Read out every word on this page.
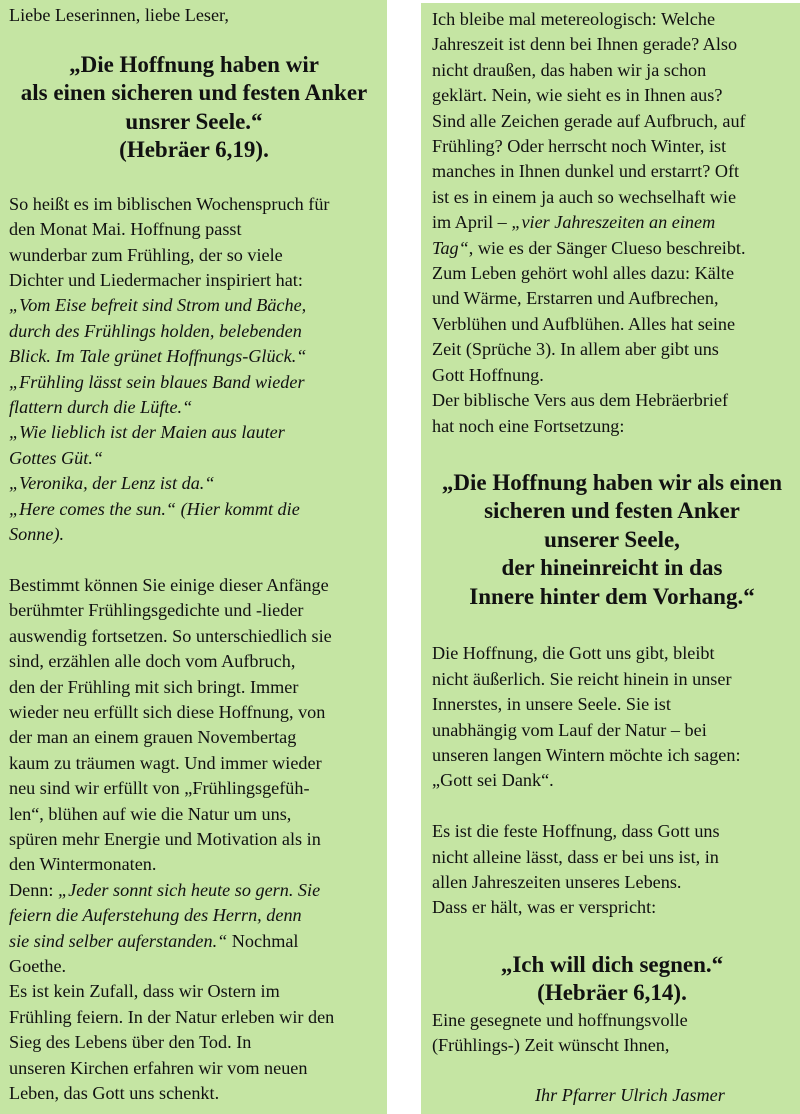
Liebe Leserinnen, liebe Leser,

„Die Hoffnung haben wir

als einen sicheren und festen Anker

unsrer Seele.“

(Hebräer 6,19).

So heißt es im biblischen Wochenspruch für

den Monat Mai. Hoffnung passt

wunderbar zum Frühling, der so viele

Dichter und Liedermacher inspiriert hat:

„Vom Eise befreit sind Strom und Bäche,

durch des Frühlings holden, belebenden

Blick. Im Tale grünet Hoffnungs-Glück.“

„Frühling lässt sein blaues Band wieder

flattern durch die Lüfte.“

„Wie lieblich ist der Maien aus lauter

Gottes Güt.“

„Veronika, der Lenz ist da.“

„Here comes the sun.“ (Hier kommt die

Sonne).

Bestimmt können Sie einige dieser Anfänge

berühmter Frühlingsgedichte und -lieder

auswendig fortsetzen. So unterschiedlich sie

sind, erzählen alle doch vom Aufbruch,

den der Frühling mit sich bringt. Immer

wieder neu erfüllt sich diese Hoffnung, von

der man an einem grauen Novembertag

kaum zu träumen wagt. Und immer wieder

neu sind wir erfüllt von „Frühlingsgefüh-

len“, blühen auf wie die Natur um uns,

spüren mehr Energie und Motivation als in

den Wintermonaten.

Denn: „Jeder sonnt sich heute so gern. Sie

feiern die Auferstehung des Herrn, denn

sie sind selber auferstanden.“ Nochmal

Goethe.

Es ist kein Zufall, dass wir Ostern im

Frühling feiern. In der Natur erleben wir den

Sieg des Lebens über den Tod. In

unseren Kirchen erfahren wir vom neuen

Leben, das Gott uns schenkt.

Ich bleibe mal metereologisch: Welche

Jahreszeit ist denn bei Ihnen gerade? Also

nicht draußen, das haben wir ja schon

geklärt. Nein, wie sieht es in Ihnen aus?

Sind alle Zeichen gerade auf Aufbruch, auf

Frühling? Oder herrscht noch Winter, ist

manches in Ihnen dunkel und erstarrt? Oft

ist es in einem ja auch so wechselhaft wie

im April – „vier Jahreszeiten an einem

Tag“, wie es der Sänger Clueso beschreibt.

Zum Leben gehört wohl alles dazu: Kälte

und Wärme, Erstarren und Aufbrechen,

Verblühen und Aufblühen. Alles hat seine

Zeit (Sprüche 3). In allem aber gibt uns

Gott Hoffnung.

Der biblische Vers aus dem Hebräerbrief

hat noch eine Fortsetzung:

„Die Hoffnung haben wir als einen

sicheren und festen Anker

unserer Seele,

der hineinreicht in das

Innere hinter dem Vorhang.“

Die Hoffnung, die Gott uns gibt, bleibt

nicht äußerlich. Sie reicht hinein in unser

Innerstes, in unsere Seele. Sie ist

unabhängig vom Lauf der Natur – bei

unseren langen Wintern möchte ich sagen:

„Gott sei Dank“.

Es ist die feste Hoffnung, dass Gott uns

nicht alleine lässt, dass er bei uns ist, in

allen Jahreszeiten unseres Lebens.

Dass er hält, was er verspricht:

„Ich will dich segnen.“

(Hebräer 6,14).

Eine gesegnete und hoffnungsvolle

(Frühlings-) Zeit wünscht Ihnen,

Ihr Pfarrer Ulrich Jasmer
